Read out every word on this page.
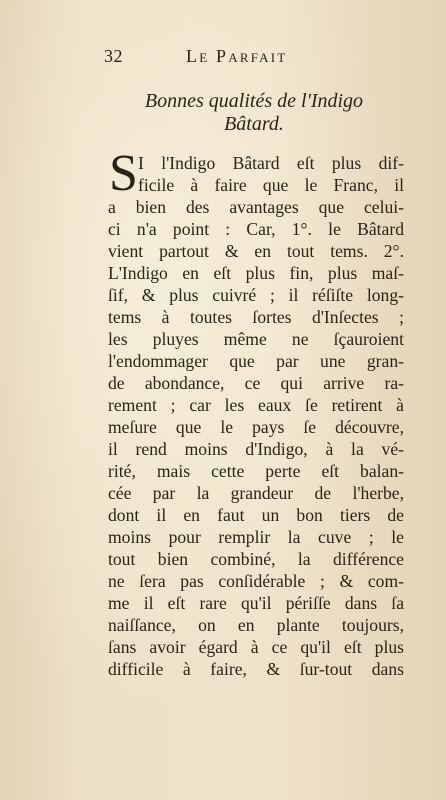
32	Le Parfait
Bonnes qualités de l'Indigo
Bâtard.
S I l'Indigo Bâtard eſt plus dif-
ficile à faire que le Franc, il
a bien des avantages que celui-
ci n'a point : Car, 1°. le Bâtard
vient partout & en tout tems. 2°.
L'Indigo en eſt plus fin, plus maſ-
ſif, & plus cuivré ; il réſiſte long-
tems à toutes ſortes d'Inſectes ;
les pluyes même ne ſçauroient
l'endommager que par une gran-
de abondance, ce qui arrive ra-
rement ; car les eaux ſe retirent à
meſure que le pays ſe découvre,
il rend moins d'Indigo, à la vé-
rité, mais cette perte eſt balan-
cée par la grandeur de l'herbe,
dont il en faut un bon tiers de
moins pour remplir la cuve ; le
tout bien combiné, la différence
ne ſera pas conſidérable ; & com-
me il eſt rare qu'il périſſe dans ſa
naiſſance, on en plante toujours,
ſans avoir égard à ce qu'il eſt plus
difficile à faire, & ſur-tout dans
